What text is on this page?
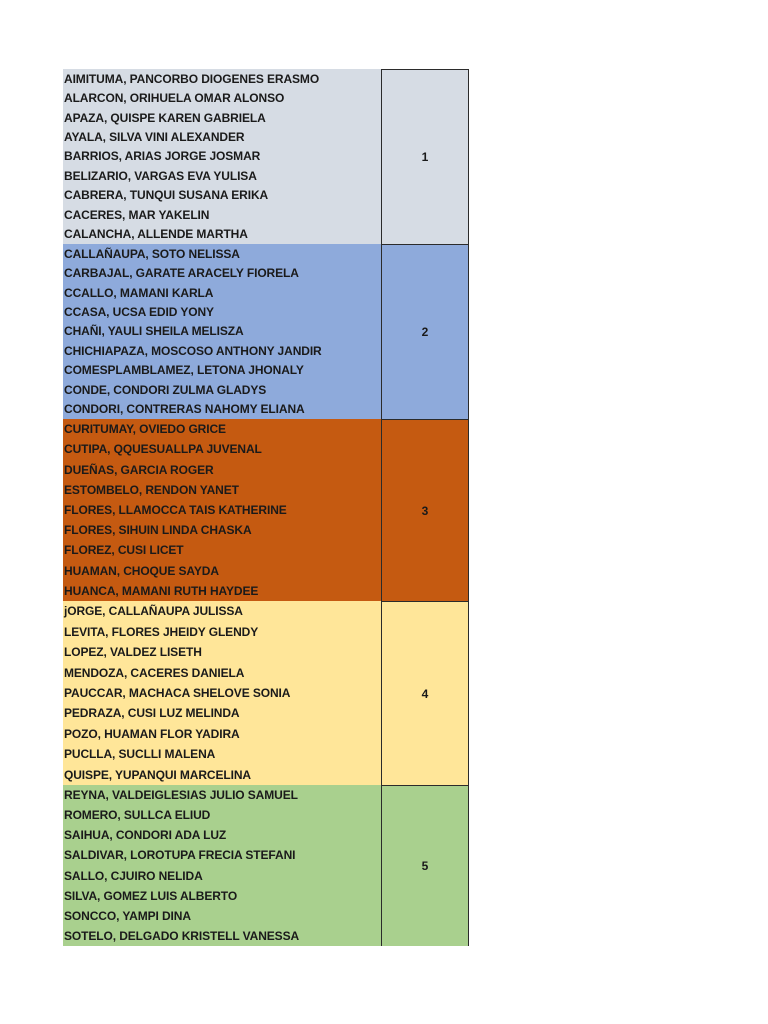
AIMITUMA, PANCORBO DIOGENES ERASMO
ALARCON, ORIHUELA OMAR ALONSO
APAZA, QUISPE KAREN GABRIELA
AYALA, SILVA VINI ALEXANDER
BARRIOS, ARIAS JORGE JOSMAR
BELIZARIO, VARGAS EVA YULISA
CABRERA, TUNQUI SUSANA ERIKA
CACERES, MAR YAKELIN
CALANCHA, ALLENDE MARTHA
1
CALLAÑAUPA, SOTO NELISSA
CARBAJAL, GARATE ARACELY FIORELA
CCALLO, MAMANI KARLA
CCASA, UCSA EDID YONY
CHAÑI, YAULI SHEILA MELISZA
CHICHIAPAZA, MOSCOSO ANTHONY JANDIR
COMESPLAMBLAMEZ, LETONA JHONALY
CONDE, CONDORI ZULMA GLADYS
CONDORI, CONTRERAS NAHOMY ELIANA
2
CURITUMAY, OVIEDO GRICE
CUTIPA, QQUESUALLPA JUVENAL
DUEÑAS, GARCIA ROGER
ESTOMBELO, RENDON YANET
FLORES, LLAMOCCA TAIS KATHERINE
FLORES, SIHUIN LINDA CHASKA
FLOREZ, CUSI LICET
HUAMAN, CHOQUE SAYDA
HUANCA, MAMANI RUTH HAYDEE
3
jORGE, CALLAÑAUPA JULISSA
LEVITA, FLORES JHEIDY GLENDY
LOPEZ, VALDEZ LISETH
MENDOZA, CACERES DANIELA
PAUCCAR, MACHACA SHELOVE SONIA
PEDRAZA, CUSI LUZ MELINDA
POZO, HUAMAN FLOR YADIRA
PUCLLA, SUCLLI MALENA
QUISPE, YUPANQUI MARCELINA
4
REYNA, VALDEIGLESIAS JULIO SAMUEL
ROMERO, SULLCA ELIUD
SAIHUA, CONDORI ADA LUZ
SALDIVAR, LOROTUPA FRECIA STEFANI
SALLO, CJUIRO NELIDA
SILVA, GOMEZ LUIS ALBERTO
SONCCO, YAMPI DINA
SOTELO, DELGADO KRISTELL VANESSA
5
